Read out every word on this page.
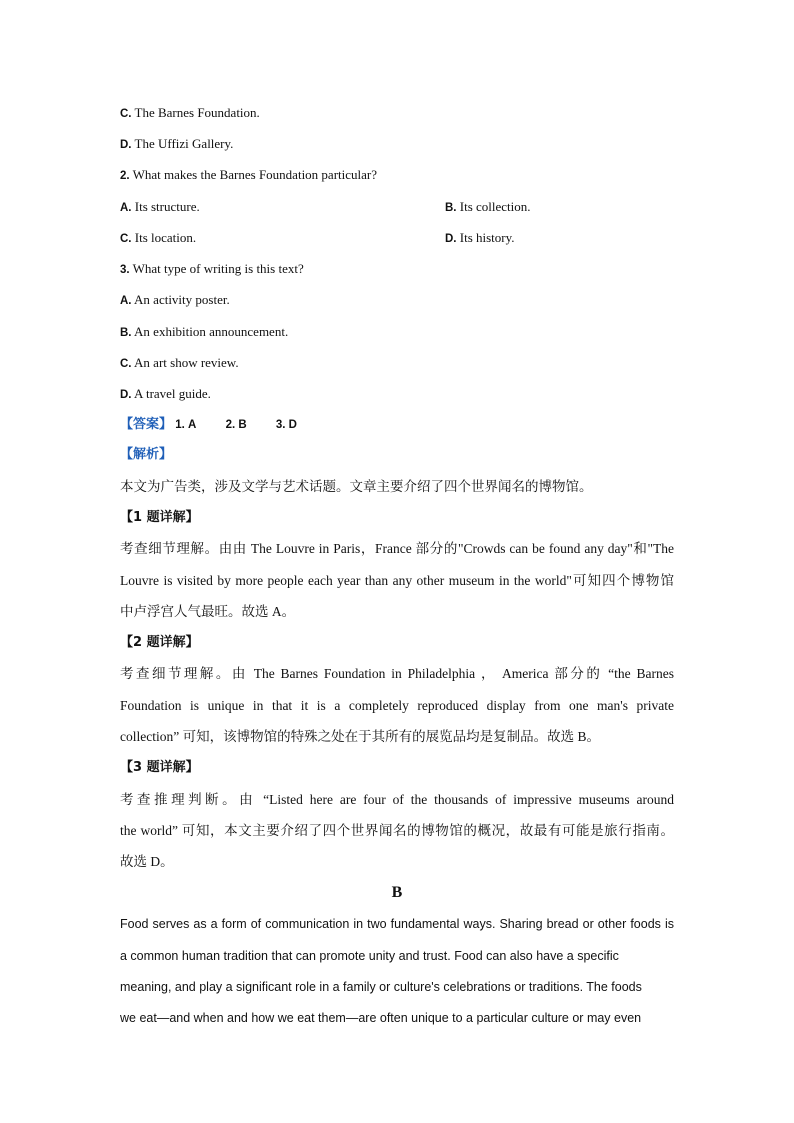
C. The Barnes Foundation.
D. The Uffizi Gallery.
2. What makes the Barnes Foundation particular?
A. Its structure.	B. Its collection.
C. Its location.	D. Its history.
3. What type of writing is this text?
A. An activity poster.
B. An exhibition announcement.
C. An art show review.
D. A travel guide.
【答案】 1. A	2. B	3. D
【解析】
本文为广告类，涉及文学与艺术话题。文章主要介绍了四个世界闻名的博物馆。
【1 题详解】
考查细节理解。由由 The Louvre in Paris，France 部分的"Crowds can be found any day"和"The
Louvre is visited by more people each year than any other museum in the world"可知四个博物馆
中卢浮宫人气最旺。故选 A。
【2 题详解】
考查细节理解。由 The Barnes Foundation in Philadelphia ， America 部分的 “the Barnes
Foundation is unique in that it is a completely reproduced display from one man's private
collection” 可知，该博物馆的特殊之处在于其所有的展览品均是复制品。故选 B。
【3 题详解】
考查推理判断。由 “Listed here are four of the thousands of impressive museums around
the world” 可知，本文主要介绍了四个世界闻名的博物馆的概况，故最有可能是旅行指南。
故选 D。
B
Food serves as a form of communication in two fundamental ways. Sharing bread or other foods is
a common human tradition that can promote unity and trust. Food can also have a specific
meaning, and play a significant role in a family or culture's celebrations or traditions. The foods
we eat—and when and how we eat them—are often unique to a particular culture or may even
